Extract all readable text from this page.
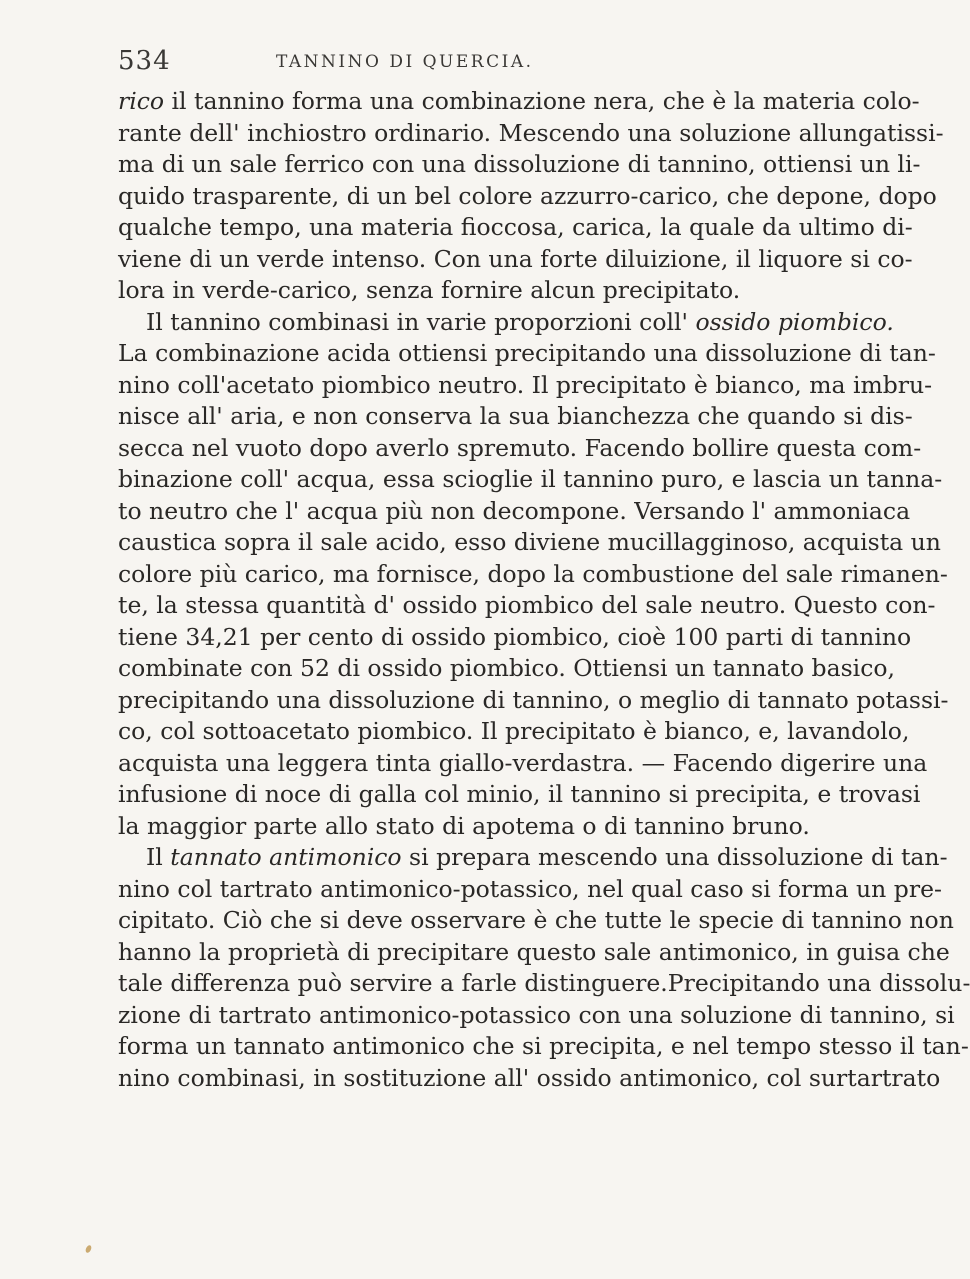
534	TANNINO DI QUERCIA.
rico il tannino forma una combinazione nera, che è la materia colo-
rante dell' inchiostro ordinario. Mescendo una soluzione allungatissi-
ma di un sale ferrico con una dissoluzione di tannino, ottiensi un li-
quido trasparente, di un bel colore azzurro-carico, che depone, dopo
qualche tempo, una materia fioccosa, carica, la quale da ultimo di-
viene di un verde intenso. Con una forte diluizione, il liquore si co-
lora in verde-carico, senza fornire alcun precipitato.
Il tannino combinasi in varie proporzioni coll' ossido piombico.
La combinazione acida ottiensi precipitando una dissoluzione di tan-
nino coll'acetato piombico neutro. Il precipitato è bianco, ma imbru-
nisce all' aria, e non conserva la sua bianchezza che quando si dis-
secca nel vuoto dopo averlo spremuto. Facendo bollire questa com-
binazione coll' acqua, essa scioglie il tannino puro, e lascia un tanna-
to neutro che l' acqua più non decompone. Versando l' ammoniaca
caustica sopra il sale acido, esso diviene mucillagginoso, acquista un
colore più carico, ma fornisce, dopo la combustione del sale rimanen-
te, la stessa quantità d' ossido piombico del sale neutro. Questo con-
tiene 34,21 per cento di ossido piombico, cioè 100 parti di tannino
combinate con 52 di ossido piombico. Ottiensi un tannato basico,
precipitando una dissoluzione di tannino, o meglio di tannato potassi-
co, col sottoacetato piombico. Il precipitato è bianco, e, lavandolo,
acquista una leggera tinta giallo-verdastra. — Facendo digerire una
infusione di noce di galla col minio, il tannino si precipita, e trovasi
la maggior parte allo stato di apotema o di tannino bruno.
Il tannato antimonico si prepara mescendo una dissoluzione di tan-
nino col tartrato antimonico-potassico, nel qual caso si forma un pre-
cipitato. Ciò che si deve osservare è che tutte le specie di tannino non
hanno la proprietà di precipitare questo sale antimonico, in guisa che
tale differenza può servire a farle distinguere.Precipitando una dissolu-
zione di tartrato antimonico-potassico con una soluzione di tannino, si
forma un tannato antimonico che si precipita, e nel tempo stesso il tan-
nino combinasi, in sostituzione all' ossido antimonico, col surtartrato
